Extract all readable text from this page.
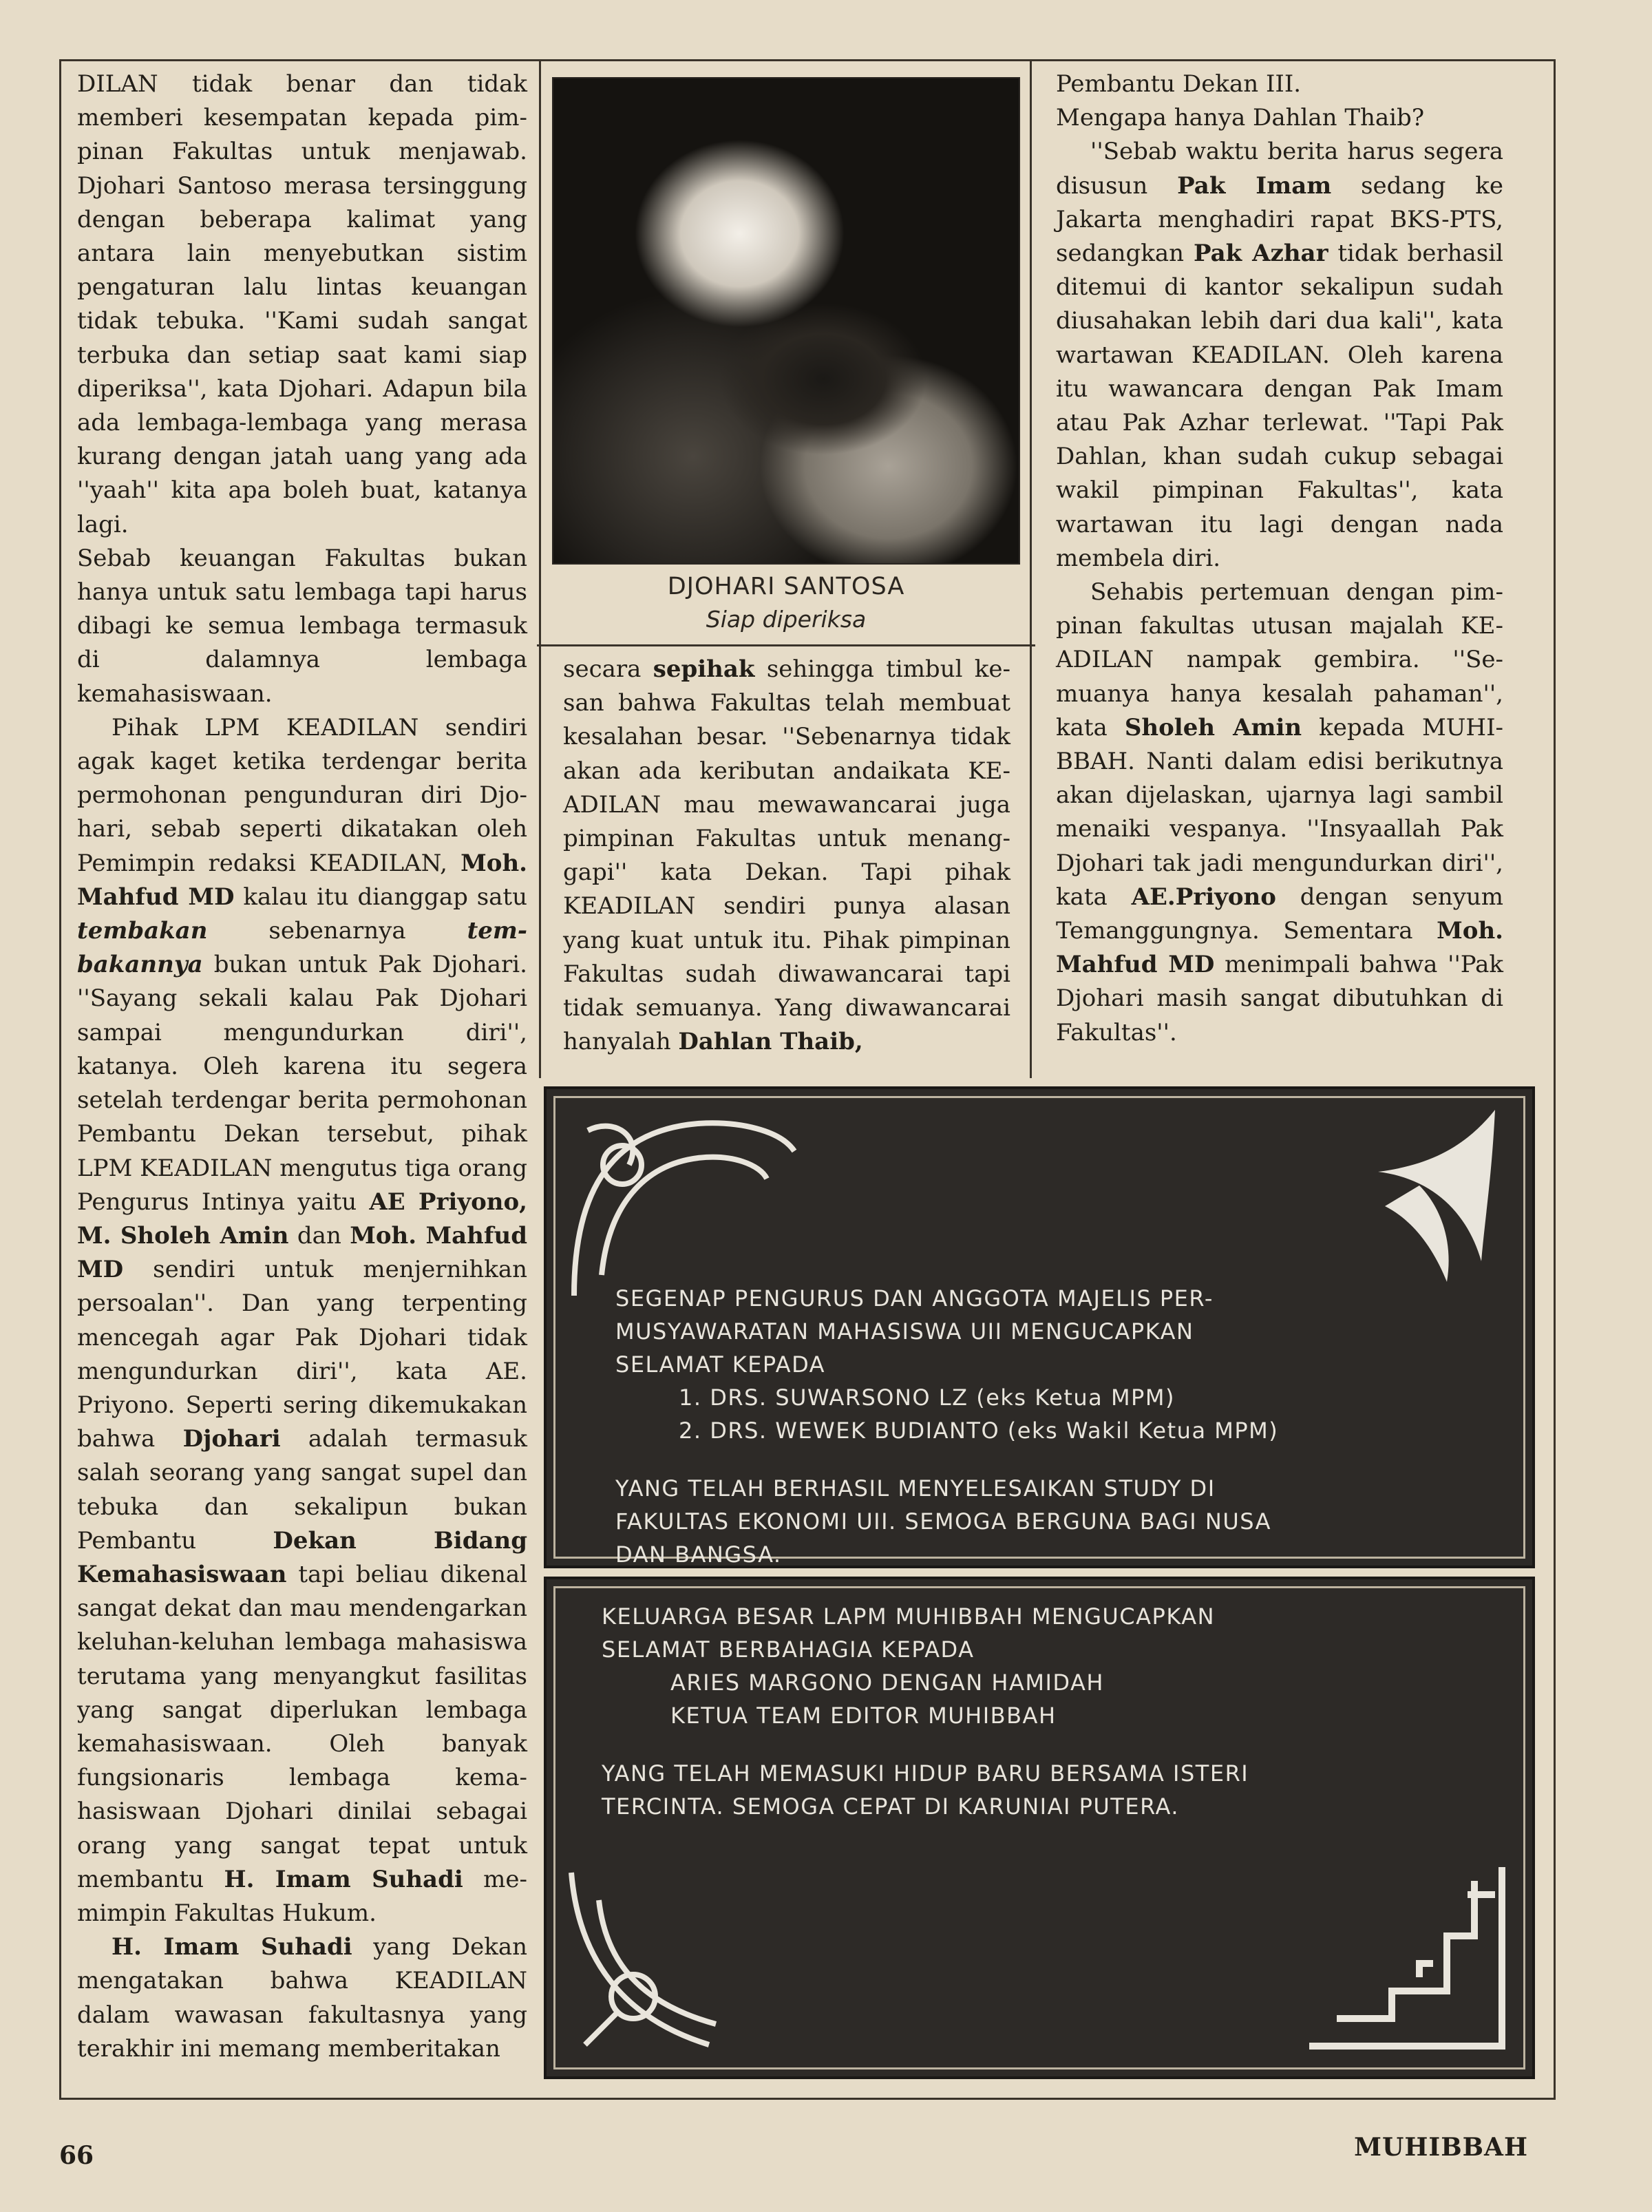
DILAN tidak benar dan tidak memberi kesempatan kepada pimpinan Fakultas untuk menjawab. Djohari Santoso merasa tersinggung dengan beberapa kalimat yang antara lain menyebutkan sistim pengaturan lalu lintas keuangan tidak tebuka. ''Kami sudah sangat terbuka dan setiap saat kami siap diperiksa'', kata Djohari. Adapun bila ada lembaga-lembaga yang merasa kurang dengan jatah uang yang ada ''yaah'' kita apa boleh buat, katanya lagi.

Sebab keuangan Fakultas bukan hanya untuk satu lembaga tapi harus dibagi ke semua lembaga termasuk di dalamnya lembaga kemahasiswaan.

Pihak LPM KEADILAN sendiri agak kaget ketika terdengar berita permohonan pengunduran diri Djohari, sebab seperti dikatakan oleh Pemimpin redaksi KEADILAN, Moh. Mahfud MD kalau itu dianggap satu tembakan	sebenarnya	tembakannya bukan untuk Pak Djohari. ''Sayang sekali kalau Pak Djohari sampai mengundurkan diri'', katanya. Oleh karena itu segera setelah terdengar berita permohonan Pembantu Dekan tersebut, pihak LPM KEADILAN mengutus tiga orang Pengurus Intinya yaitu AE Priyono, M. Sholeh Amin dan Moh. Mahfud MD sendiri untuk menjernihkan persoalan''. Dan yang terpenting mencegah agar Pak Djohari tidak mengundurkan diri'', kata AE. Priyono. Seperti sering dikemukakan bahwa Djohari adalah termasuk salah seorang yang sangat supel dan tebuka dan sekalipun bukan Pembantu	Dekan Bidang Kemahasiswaan tapi beliau dikenal sangat dekat dan mau mendengarkan keluhan-keluhan lembaga mahasiswa terutama yang menyangkut fasilitas yang sangat diperlukan lembaga kemahasiswaan. Oleh banyak fungsionaris lembaga kemahasiswaan Djohari dinilai sebagai orang yang sangat tepat untuk membantu H. Imam Suhadi memimpin Fakultas Hukum.

H. Imam Suhadi yang Dekan mengatakan bahwa KEADILAN dalam wawasan fakultasnya yang terakhir ini memang memberitakan

DJOHARI SANTOSA
Siap diperiksa

secara sepihak sehingga timbul kesan bahwa Fakultas telah membuat kesalahan besar. ''Sebenarnya tidak akan ada keributan andaikata KEADILAN mau mewawancarai juga pimpinan Fakultas untuk menanggapi'' kata Dekan. Tapi pihak KEADILAN sendiri punya alasan yang kuat untuk itu. Pihak pimpinan Fakultas sudah diwawancarai tapi tidak semuanya. Yang diwawancarai hanyalah Dahlan Thaib,

Pembantu Dekan III.

Mengapa hanya Dahlan Thaib?

''Sebab waktu berita harus segera disusun Pak Imam sedang ke Jakarta menghadiri rapat BKS-PTS, sedangkan Pak Azhar tidak berhasil ditemui di kantor sekalipun sudah diusahakan lebih dari dua kali'', kata wartawan KEADILAN. Oleh karena itu wawancara dengan Pak Imam atau Pak Azhar terlewat. ''Tapi Pak Dahlan, khan sudah cukup sebagai wakil pimpinan Fakultas'', kata wartawan itu lagi dengan nada membela diri.

Sehabis pertemuan dengan pimpinan fakultas utusan majalah KEADILAN nampak gembira. ''Semuanya hanya kesalah pahaman'', kata Sholeh Amin kepada MUHIBBAH. Nanti dalam edisi berikutnya akan dijelaskan, ujarnya lagi sambil menaiki vespanya. ''Insyaallah Pak Djohari tak jadi mengundurkan diri'', kata AE.Priyono dengan senyum Temanggungnya. Sementara Moh. Mahfud MD menimpali bahwa ''Pak Djohari masih sangat dibutuhkan di Fakultas''.

SEGENAP PENGURUS DAN ANGGOTA MAJELIS PER-
MUSYAWARATAN MAHASISWA UII MENGUCAPKAN
SELAMAT KEPADA
1. DRS. SUWARSONO LZ (eks Ketua MPM)
2. DRS. WEWEK BUDIANTO (eks Wakil Ketua MPM)
YANG TELAH BERHASIL MENYELESAIKAN STUDY DI
FAKULTAS EKONOMI UII. SEMOGA BERGUNA BAGI NUSA
DAN BANGSA.
KELUARGA BESAR LAPM MUHIBBAH MENGUCAPKAN
SELAMAT BERBAHAGIA KEPADA
ARIES MARGONO DENGAN HAMIDAH
KETUA TEAM EDITOR MUHIBBAH
YANG TELAH MEMASUKI HIDUP BARU BERSAMA ISTERI
TERCINTA. SEMOGA CEPAT DI KARUNIAI PUTERA.
66	MUHIBBAH
